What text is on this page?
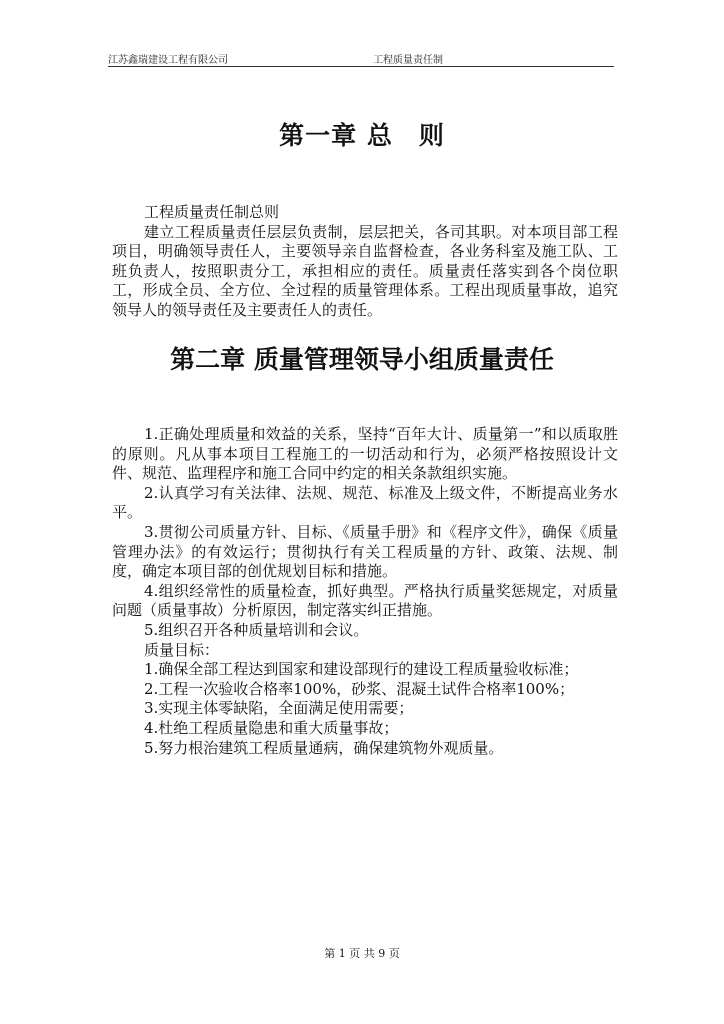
江苏鑫瑞建设工程有限公司	工程质量责任制
第一章 总　则

工程质量责任制总则

建立工程质量责任层层负责制，层层把关，各司其职。对本项目部工程项目，明确领导责任人，主要领导亲自监督检查，各业务科室及施工队、工班负责人，按照职责分工，承担相应的责任。质量责任落实到各个岗位职工，形成全员、全方位、全过程的质量管理体系。工程出现质量事故，追究领导人的领导责任及主要责任人的责任。

第二章 质量管理领导小组质量责任

1.正确处理质量和效益的关系，坚持“百年大计、质量第一”和以质取胜的原则。凡从事本项目工程施工的一切活动和行为，必须严格按照设计文件、规范、监理程序和施工合同中约定的相关条款组织实施。

2.认真学习有关法律、法规、规范、标准及上级文件，不断提高业务水平。

3.贯彻公司质量方针、目标、《质量手册》和《程序文件》，确保《质量管理办法》的有效运行；贯彻执行有关工程质量的方针、政策、法规、制度，确定本项目部的创优规划目标和措施。

4.组织经常性的质量检查，抓好典型。严格执行质量奖惩规定，对质量问题（质量事故）分析原因，制定落实纠正措施。

5.组织召开各种质量培训和会议。

质量目标：

1.确保全部工程达到国家和建设部现行的建设工程质量验收标准；

2.工程一次验收合格率100%，砂浆、混凝土试件合格率100%；

3.实现主体零缺陷，全面满足使用需要；

4.杜绝工程质量隐患和重大质量事故；

5.努力根治建筑工程质量通病，确保建筑物外观质量。

第 1 页 共 9 页
